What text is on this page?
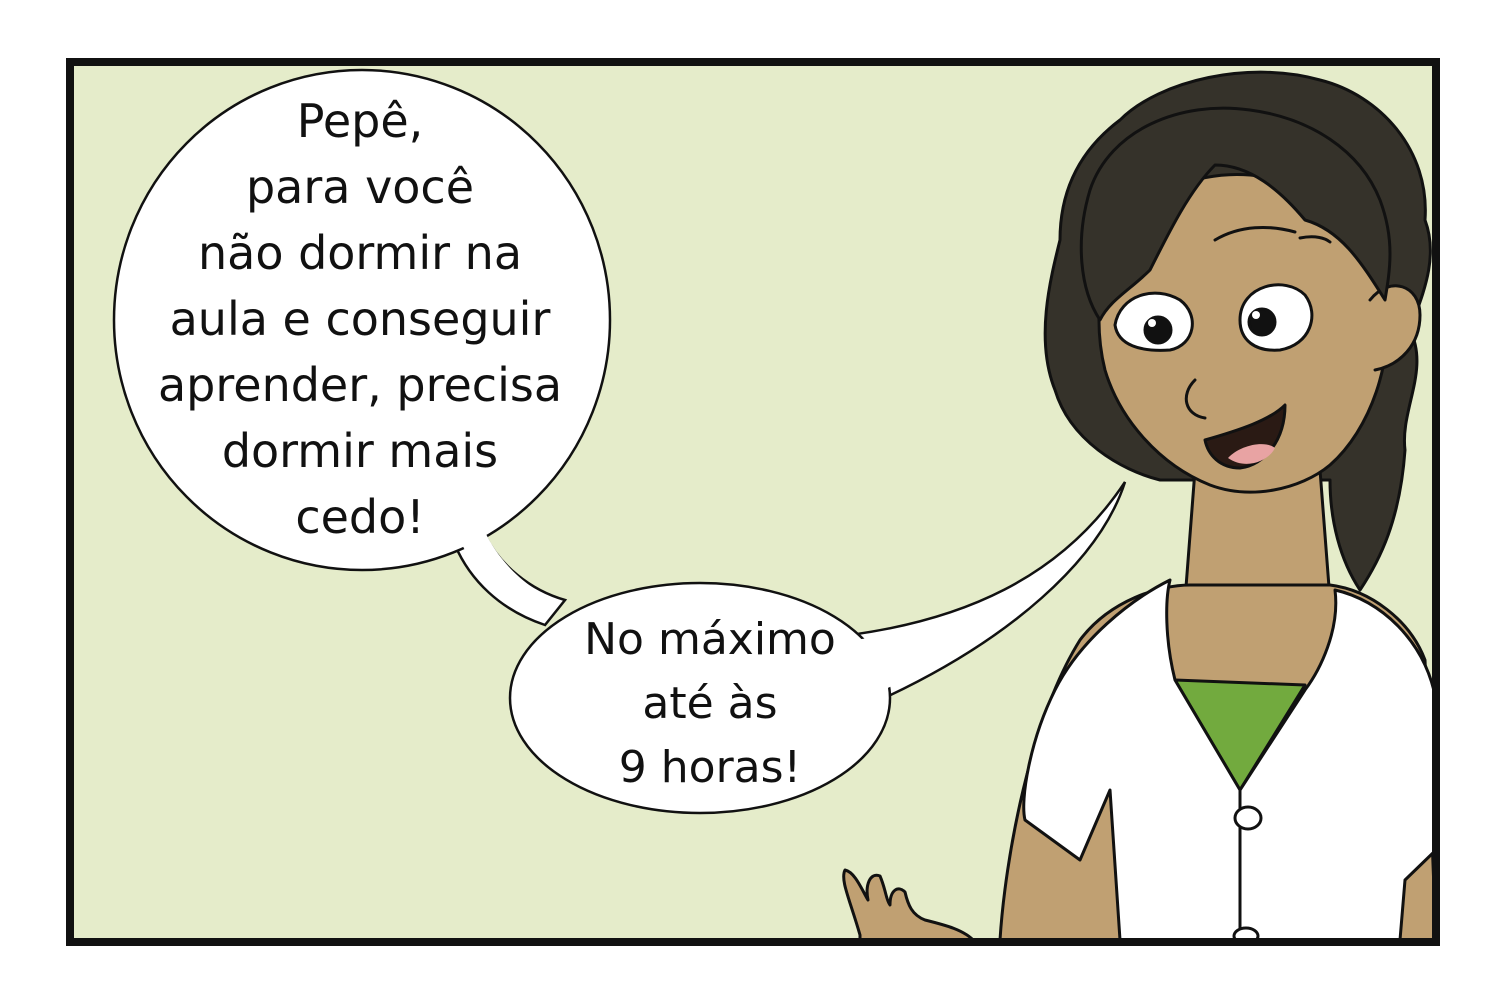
Pepê,
para você
não dormir na
aula e conseguir
aprender, precisa
dormir mais
cedo!

No máximo
até às
9 horas!
